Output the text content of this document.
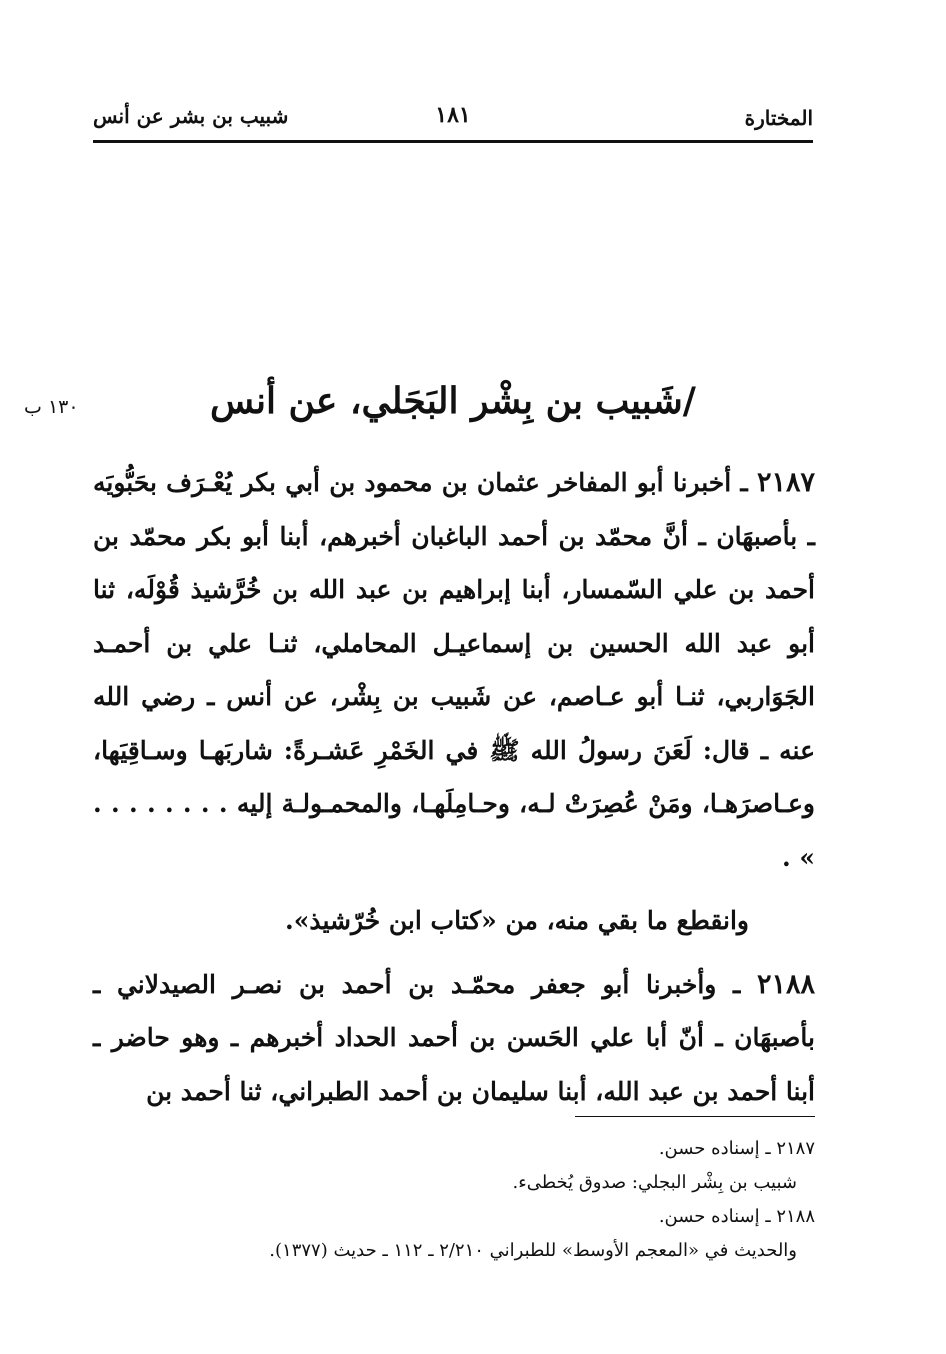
المختارة
١٨١
شبيب بن بشر عن أنس
١٣٠ ب	/شَبيب بن بِشْر البَجَلي، عن أنس

٢١٨٧ ـ أخبرنا أبو المفاخر عثمان بن محمود بن أبي بكر يُعْـرَف بحَبُّويَه ـ بأصبهَان ـ أنَّ محمّد بن أحمد الباغبان أخبرهم، أبنا أبو بكر محمّد بن أحمد بن علي السّمسار، أبنا إبراهيم بن عبد الله بن خُرَّشيذ قُوْلَه، ثنا أبو عبد الله الحسين بن إسماعيـل المحاملي، ثنـا علي بن أحمـد الجَوَاربي، ثنـا أبو عـاصم، عن شَبيب بن بِشْر، عن أنس ـ رضي الله عنه ـ قال: لَعَنَ رسولُ الله ﷺ في الخَمْرِ عَشـرةً: شاربَهـا وسـاقِيَها، وعـاصرَهـا، ومَنْ عُصِرَتْ لـه، وحـامِلَهـا، والمحمـولـة إليه . . . . . . . . » .

وانقطع ما بقي منه، من «كتاب ابن خُرّشيذ».

٢١٨٨ ـ وأخبرنا أبو جعفر محمّـد بن أحمد بن نصـر الصيدلاني ـ بأصبهَان ـ أنّ أبا علي الحَسن بن أحمد الحداد أخبرهم ـ وهو حاضر ـ أبنا أحمد بن عبد الله، أبنا سليمان بن أحمد الطبراني، ثنا أحمد بن

٢١٨٧ ـ إسناده حسن.

شبيب بن بِشْر البجلي: صدوق يُخطىء.

٢١٨٨ ـ إسناده حسن.

والحديث في «المعجم الأوسط» للطبراني ٢/٢١٠ ـ ١١٢ ـ حديث (١٣٧٧).
